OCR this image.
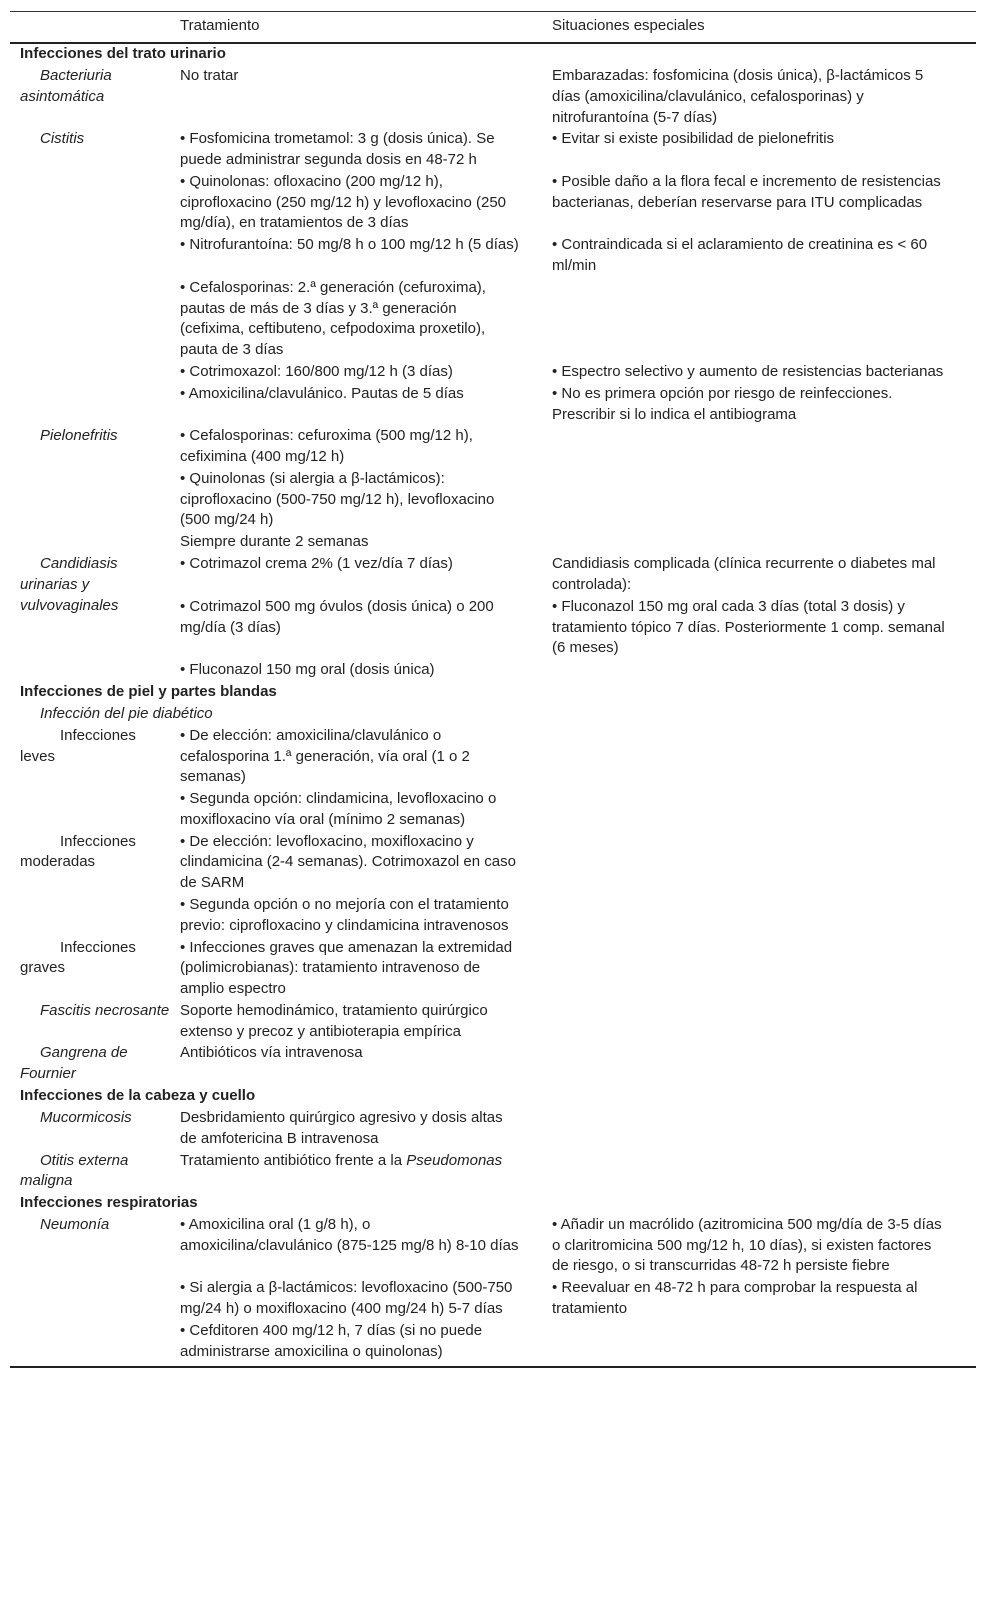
	Tratamiento	Situaciones especiales
Infecciones del trato urinario		
Bacteriuria asintomática	No tratar	Embarazadas: fosfomicina (dosis única), β-lactámicos 5 días (amoxicilina/clavulánico, cefalosporinas) y nitrofurantoína (5-7 días)
Cistitis	• Fosfomicina trometamol: 3 g (dosis única). Se puede administrar segunda dosis en 48-72 h	• Evitar si existe posibilidad de pielonefritis
	• Quinolonas: ofloxacino (200 mg/12 h), ciprofloxacino (250 mg/12 h) y levofloxacino (250 mg/día), en tratamientos de 3 días	• Posible daño a la flora fecal e incremento de resistencias bacterianas, deberían reservarse para ITU complicadas
	• Nitrofurantoína: 50 mg/8 h o 100 mg/12 h (5 días)	• Contraindicada si el aclaramiento de creatinina es < 60 ml/min
	• Cefalosporinas: 2.ª generación (cefuroxima), pautas de más de 3 días y 3.ª generación (cefixima, ceftibuteno, cefpodoxima proxetilo), pauta de 3 días	
	• Cotrimoxazol: 160/800 mg/12 h (3 días)	• Espectro selectivo y aumento de resistencias bacterianas
	• Amoxicilina/clavulánico. Pautas de 5 días	• No es primera opción por riesgo de reinfecciones. Prescribir si lo indica el antibiograma
Pielonefritis	• Cefalosporinas: cefuroxima (500 mg/12 h), cefiximina (400 mg/12 h)	
	• Quinolonas (si alergia a β-lactámicos): ciprofloxacino (500-750 mg/12 h), levofloxacino (500 mg/24 h)	
	Siempre durante 2 semanas	
Candidiasis urinarias y vulvovaginales	• Cotrimazol crema 2% (1 vez/día 7 días)	Candidiasis complicada (clínica recurrente o diabetes mal controlada):
	• Cotrimazol 500 mg óvulos (dosis única) o 200 mg/día (3 días)	• Fluconazol 150 mg oral cada 3 días (total 3 dosis) y tratamiento tópico 7 días. Posteriormente 1 comp. semanal (6 meses)
	• Fluconazol 150 mg oral (dosis única)	
Infecciones de piel y partes blandas		
Infección del pie diabético		
Infecciones leves	• De elección: amoxicilina/clavulánico o cefalosporina 1.ª generación, vía oral (1 o 2 semanas)	
	• Segunda opción: clindamicina, levofloxacino o moxifloxacino vía oral (mínimo 2 semanas)	
Infecciones moderadas	• De elección: levofloxacino, moxifloxacino y clindamicina (2-4 semanas). Cotrimoxazol en caso de SARM	
	• Segunda opción o no mejoría con el tratamiento previo: ciprofloxacino y clindamicina intravenosos	
Infecciones graves	• Infecciones graves que amenazan la extremidad (polimicrobianas): tratamiento intravenoso de amplio espectro	
Fascitis necrosante	Soporte hemodinámico, tratamiento quirúrgico extenso y precoz y antibioterapia empírica	
Gangrena de Fournier	Antibióticos vía intravenosa	
Infecciones de la cabeza y cuello		
Mucormicosis	Desbridamiento quirúrgico agresivo y dosis altas de amfotericina B intravenosa	
Otitis externa maligna	Tratamiento antibiótico frente a la Pseudomonas	
Infecciones respiratorias		
Neumonía	• Amoxicilina oral (1 g/8 h), o amoxicilina/clavulánico (875-125 mg/8 h) 8-10 días	• Añadir un macrólido (azitromicina 500 mg/día de 3-5 días o claritromicina 500 mg/12 h, 10 días), si existen factores de riesgo, o si transcurridas 48-72 h persiste fiebre
	• Si alergia a β-lactámicos: levofloxacino (500-750 mg/24 h) o moxifloxacino (400 mg/24 h) 5-7 días	• Reevaluar en 48-72 h para comprobar la respuesta al tratamiento
	• Cefditoren 400 mg/12 h, 7 días (si no puede administrarse amoxicilina o quinolonas)	
